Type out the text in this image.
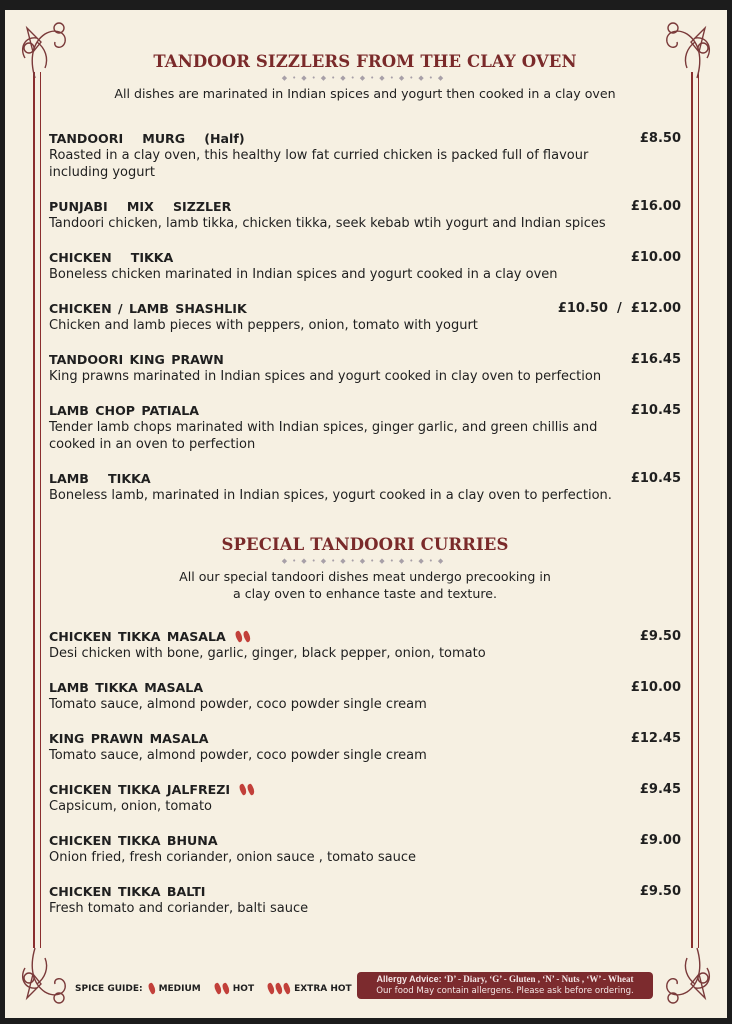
TANDOOR SIZZLERS FROM THE CLAY OVEN
◆•◆•◆•◆•◆•◆•◆•◆•◆
All dishes are marinated in Indian spices and yogurt then cooked in a clay oven
TANDOORI   MURG   (Half)	£8.50
Roasted in a clay oven, this healthy low fat curried chicken is packed full of flavour
including yogurt
PUNJABI   MIX   SIZZLER	£16.00
Tandoori chicken, lamb tikka, chicken tikka, seek kebab wtih yogurt and Indian spices
CHICKEN   TIKKA	£10.00
Boneless chicken marinated in Indian spices and yogurt cooked in a clay oven
CHICKEN / LAMB SHASHLIK	£10.50  /  £12.00
Chicken and lamb pieces with peppers, onion, tomato with yogurt
TANDOORI KING PRAWN	£16.45
King prawns marinated in Indian spices and yogurt cooked in clay oven to perfection
LAMB CHOP PATIALA	£10.45
Tender lamb chops marinated with Indian spices, ginger garlic, and green chillis and
cooked in an oven to perfection
LAMB   TIKKA	£10.45
Boneless lamb, marinated in Indian spices, yogurt cooked in a clay oven to perfection.
SPECIAL TANDOORI CURRIES
◆•◆•◆•◆•◆•◆•◆•◆•◆
All our special tandoori dishes meat undergo precooking in
a clay oven to enhance taste and texture.
CHICKEN TIKKA MASALA	£9.50
Desi chicken with bone, garlic, ginger, black pepper, onion, tomato
LAMB TIKKA MASALA	£10.00
Tomato sauce, almond powder, coco powder single cream
KING PRAWN MASALA	£12.45
Tomato sauce, almond powder, coco powder single cream
CHICKEN TIKKA JALFREZI	£9.45
Capsicum, onion, tomato
CHICKEN TIKKA BHUNA	£9.00
Onion fried, fresh coriander, onion sauce , tomato sauce
CHICKEN TIKKA BALTI	£9.50
Fresh tomato and coriander, balti sauce
SPICE GUIDE: MEDIUM	HOT	EXTRA HOT
Allergy Advice: ‘D’ - Diary, ‘G’ - Gluten , ‘N’ - Nuts , ‘W’ - Wheat
Our food May contain allergens. Please ask before ordering.
